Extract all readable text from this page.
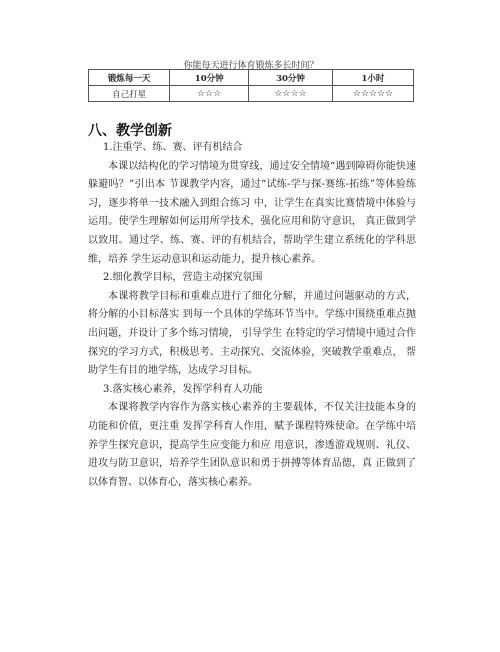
你能每天进行体育锻炼多长时间？
锻炼每一天	10分钟	30分钟	1小时
自己打星	☆☆☆	☆☆☆☆	☆☆☆☆☆
八、教学创新

1.注重学、练、赛、评有机结合

本课以结构化的学习情境为贯穿线，通过安全情境“遇到障碍你能快速躲避吗？”引出本 节课教学内容，通过“试练-学与探-赛练-拓练”等体验练习，逐步将单一技术融入到组合练习 中，让学生在真实比赛情境中体验与运用。使学生理解如何运用所学技术，强化应用和防守意识， 真正做到学以致用。通过学、练、赛、评的有机结合，帮助学生建立系统化的学科思维，培养 学生运动意识和运动能力，提升核心素养。

2.细化教学目标，营造主动探究氛围

本课将教学目标和重难点进行了细化分解，并通过问题驱动的方式，将分解的小目标落实 到每一个具体的学练环节当中。学练中围绕重难点抛出问题，并设计了多个练习情境， 引导学生 在特定的学习情境中通过合作探究的学习方式，积极思考、主动探究、交流体验，突破教学重难点， 帮助学生有目的地学练，达成学习目标。

3.落实核心素养，发挥学科育人功能

本课将教学内容作为落实核心素养的主要载体，不仅关注技能本身的功能和价值，更注重 发挥学科育人作用，赋予课程特殊使命。在学练中培养学生探究意识，提高学生应变能力和应 用意识，渗透游戏规则、礼仪、进攻与防卫意识，培养学生团队意识和勇于拼搏等体育品德，真 正做到了以体育智、以体育心，落实核心素养。
